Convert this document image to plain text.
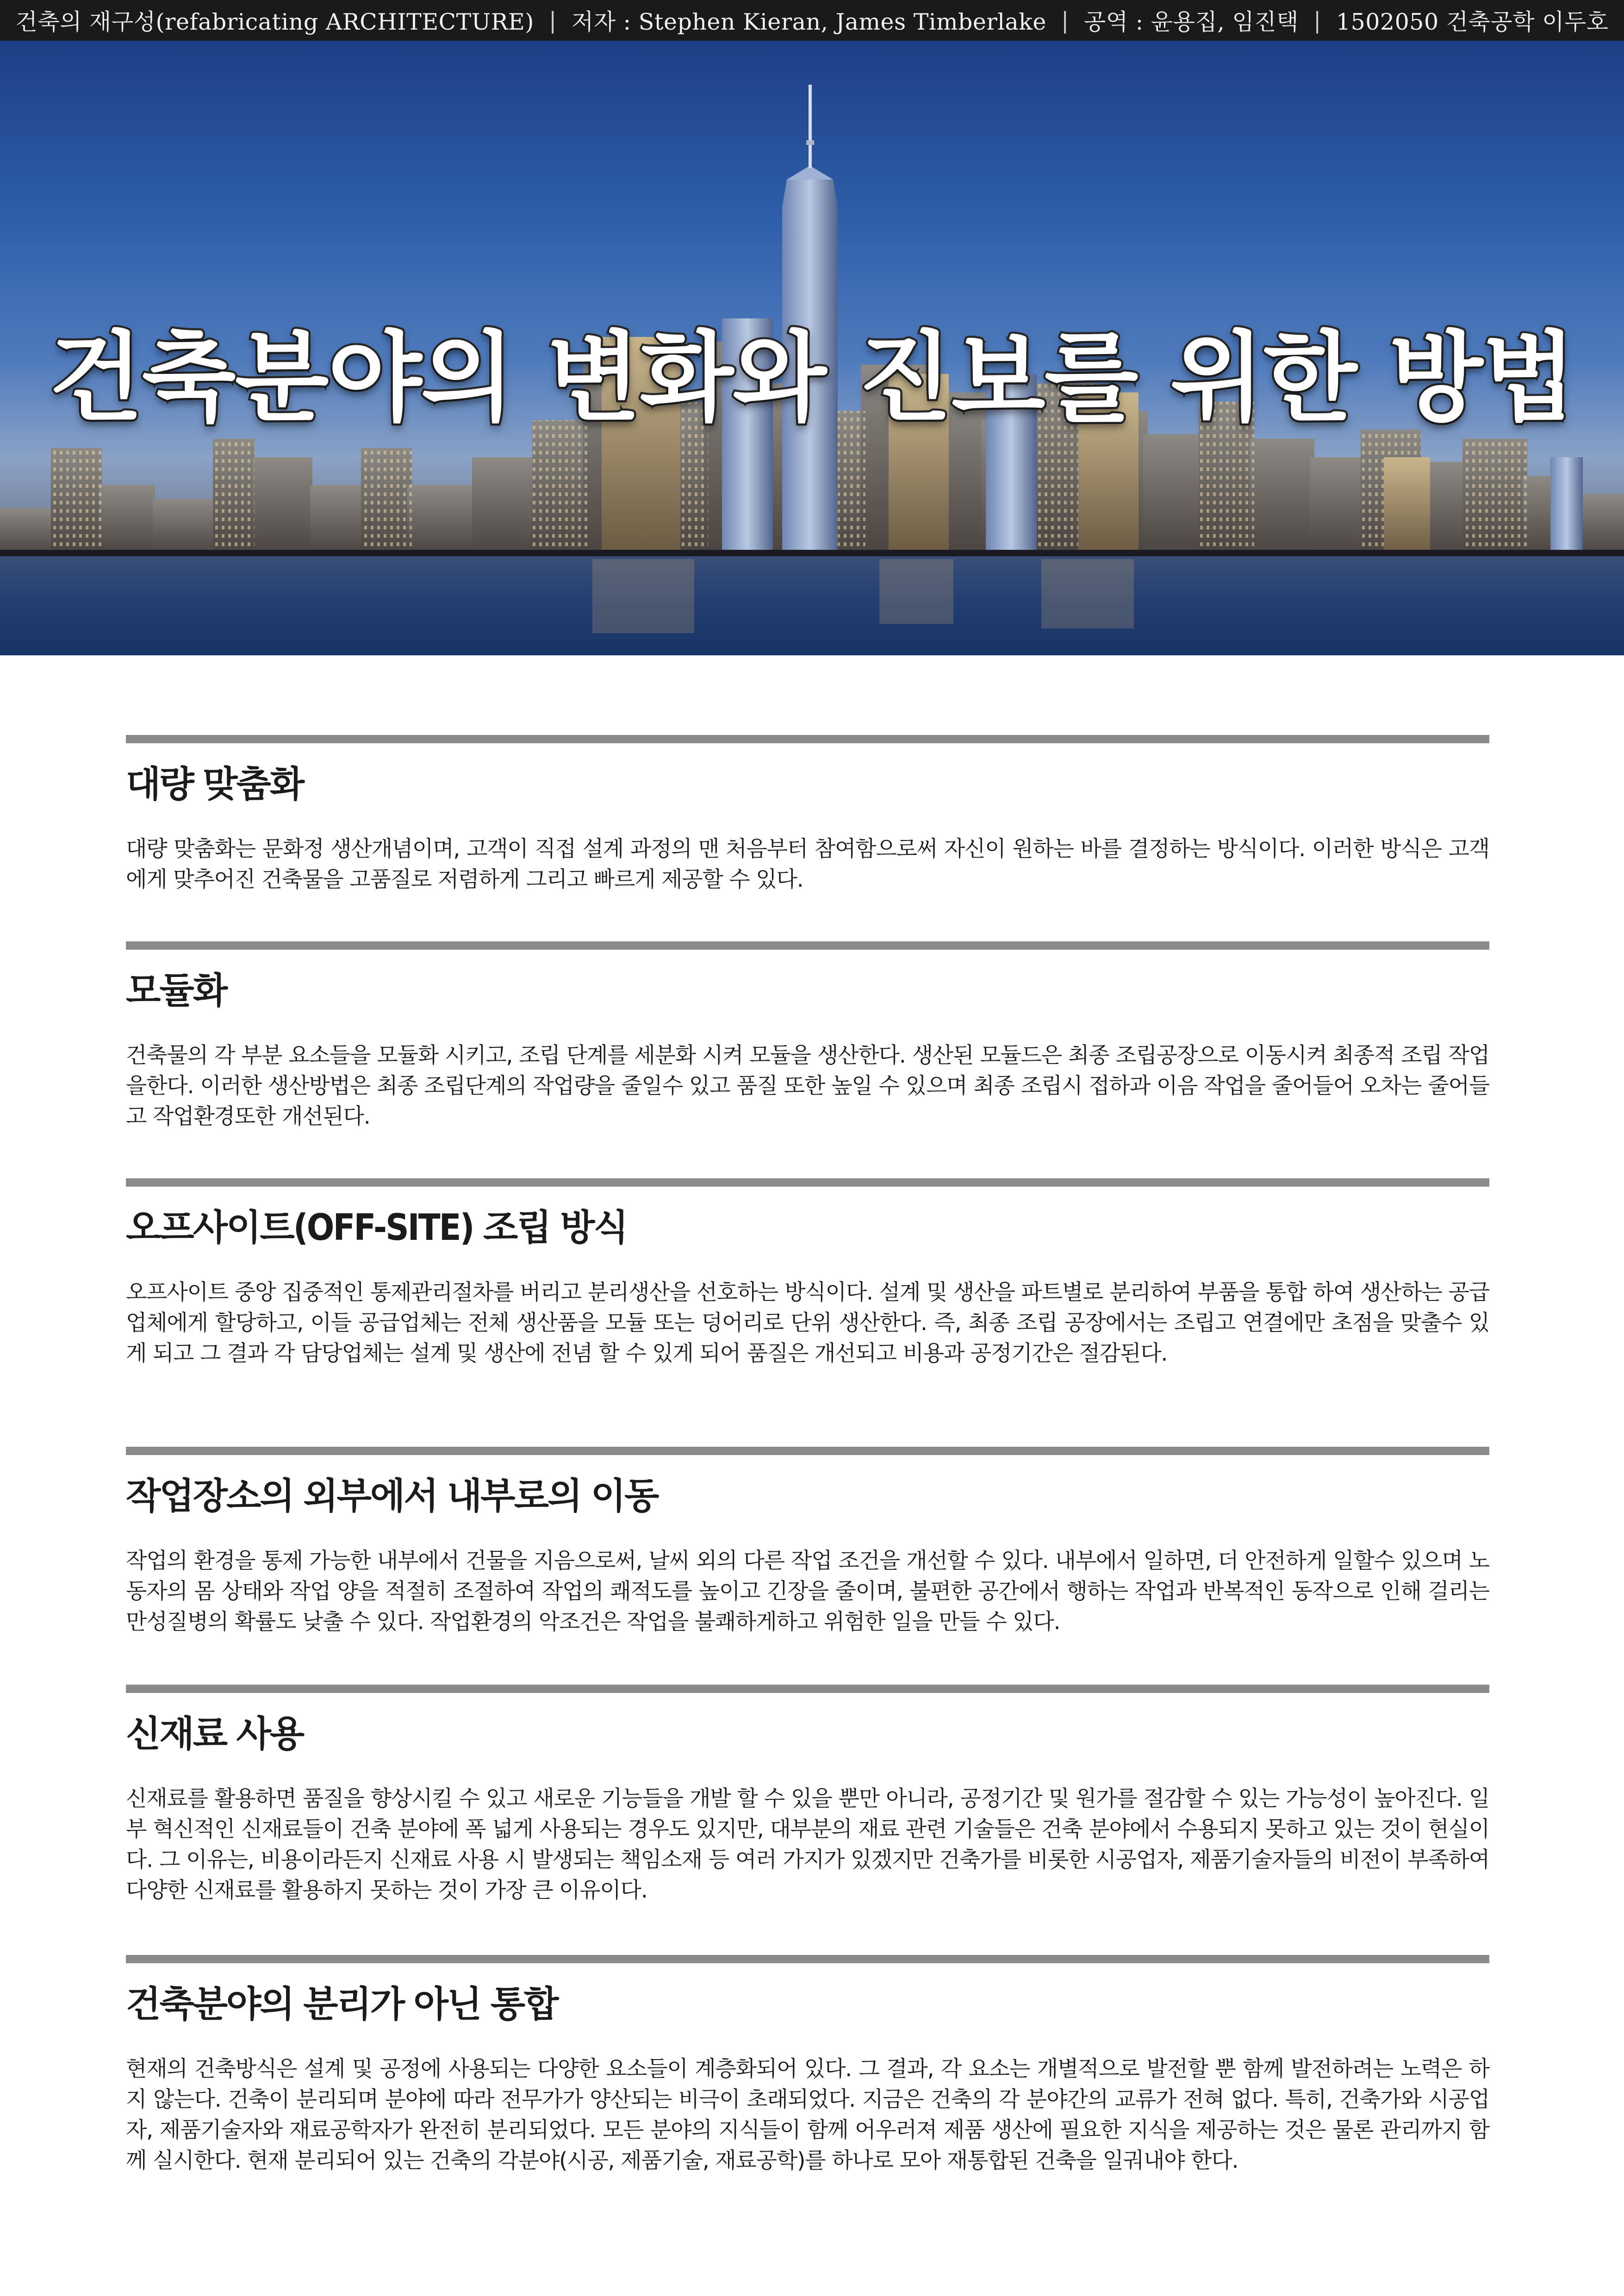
건축의 재구성(refabricating ARCHITECTURE) | 저자 : Stephen Kieran, James Timberlake | 공역 : 윤용집, 임진택 | 1502050 건축공학 이두호
건축분야의 변화와 진보를 위한 방법
대량 맞춤화
대량 맞춤화는 문화정 생산개념이며, 고객이 직접 설계 과정의 맨 처음부터 참여함으로써 자신이 원하는 바를 결정하는 방식이다. 이러한 방식은 고객에게 맞추어진 건축물을 고품질로 저렴하게 그리고 빠르게 제공할 수 있다.
모듈화
건축물의 각 부분 요소들을 모듈화 시키고, 조립 단계를 세분화 시켜 모듈을 생산한다. 생산된 모듈드은 최종 조립공장으로 이동시켜 최종적 조립 작업을한다. 이러한 생산방법은 최종 조립단계의 작업량을 줄일수 있고 품질 또한 높일 수 있으며 최종 조립시 접하과 이음 작업을 줄어들어 오차는 줄어들고 작업환경또한 개선된다.
오프사이트(OFF-SITE) 조립 방식
오프사이트 중앙 집중적인 통제관리절차를 버리고 분리생산을 선호하는 방식이다. 설계 및 생산을 파트별로 분리하여 부품을 통합 하여 생산하는 공급업체에게 할당하고, 이들 공급업체는 전체 생산품을 모듈 또는 덩어리로 단위 생산한다. 즉, 최종 조립 공장에서는 조립고 연결에만 초점을 맞출수 있게 되고 그 결과 각 담당업체는 설계 및 생산에 전념 할 수 있게 되어 품질은 개선되고 비용과 공정기간은 절감된다.
작업장소의 외부에서 내부로의 이동
작업의 환경을 통제 가능한 내부에서 건물을 지음으로써, 날씨 외의 다른 작업 조건을 개선할 수 있다. 내부에서 일하면, 더 안전하게 일할수 있으며 노동자의 몸 상태와 작업 양을 적절히 조절하여 작업의 쾌적도를 높이고 긴장을 줄이며, 불편한 공간에서 행하는 작업과 반복적인 동작으로 인해 걸리는 만성질병의 확률도 낮출 수 있다. 작업환경의 악조건은 작업을 불쾌하게하고 위험한 일을 만들 수 있다.
신재료 사용
신재료를 활용하면 품질을 향상시킬 수 있고 새로운 기능들을 개발 할 수 있을 뿐만 아니라, 공정기간 및 원가를 절감할 수 있는 가능성이 높아진다. 일부 혁신적인 신재료들이 건축 분야에 폭 넓게 사용되는 경우도 있지만, 대부분의 재료 관련 기술들은 건축 분야에서 수용되지 못하고 있는 것이 현실이다. 그 이유는, 비용이라든지 신재료 사용 시 발생되는 책임소재 등 여러 가지가 있겠지만 건축가를 비롯한 시공업자, 제품기술자들의 비전이 부족하여 다양한 신재료를 활용하지 못하는 것이 가장 큰 이유이다.
건축분야의 분리가 아닌 통합
현재의 건축방식은 설계 및 공정에 사용되는 다양한 요소들이 계층화되어 있다. 그 결과, 각 요소는 개별적으로 발전할 뿐 함께 발전하려는 노력은 하지 않는다. 건축이 분리되며 분야에 따라 전무가가 양산되는 비극이 초래되었다. 지금은 건축의 각 분야간의 교류가 전혀 없다. 특히, 건축가와 시공업자, 제품기술자와 재료공학자가 완전히 분리되었다. 모든 분야의 지식들이 함께 어우러져 제품 생산에 필요한 지식을 제공하는 것은 물론 관리까지 함께 실시한다. 현재 분리되어 있는 건축의 각분야(시공, 제품기술, 재료공학)를 하나로 모아 재통합된 건축을 일궈내야 한다.
